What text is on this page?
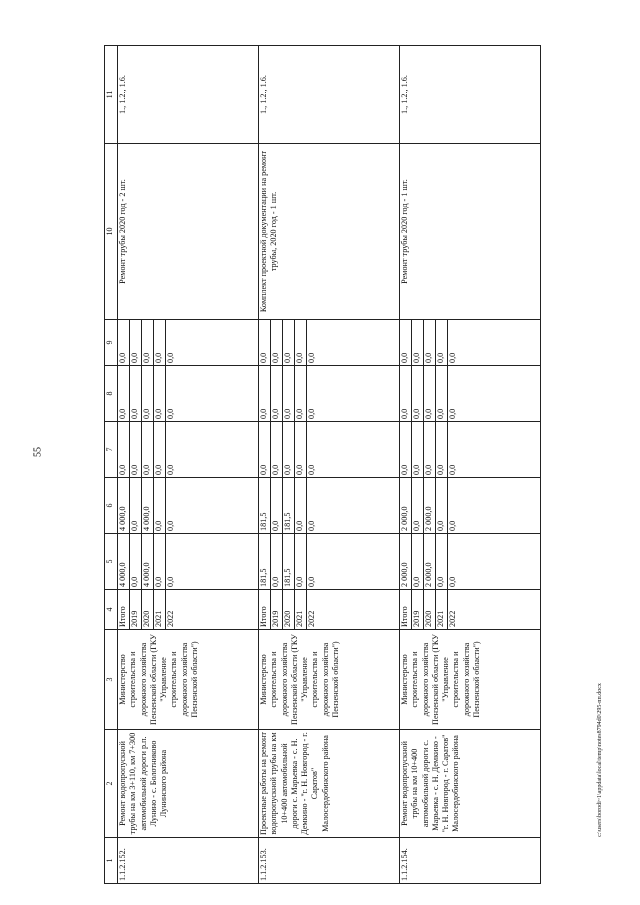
55
c:\users\borodi~1\appdata\local\temp\notes8794d0\295-пп.docx
1	2	3	4	5	6	7	8	9	10	11
1.1.2.152.	Ремонт водопропускной трубы на км 3+110, км 7+300 автомобильной дороги р.п. Лунино - с. Болотниково Лунинского района	Министерство строительства и дорожного хозяйства Пензенской области (ГКУ "Управление строительства и дорожного хозяйства Пензенской области")	Итого	4 000,0	4 000,0	0,0	0,0	0,0	Ремонт трубы 2020 год - 2 шт.	1., 1.2., 1.6.
			2019	0,0	0,0	0,0	0,0	0,0		
			2020	4 000,0	4 000,0	0,0	0,0	0,0		
			2021	0,0	0,0	0,0	0,0	0,0		
			2022	0,0	0,0	0,0	0,0	0,0		
1.1.2.153.	Проектные работы на ремонт водопропускной трубы на км 10+400 автомобильной дороги с. Марьевка - с. Н. Демкино - "г. Н. Новгород - г. Саратов" Малосердобинского района	Министерство строительства и дорожного хозяйства Пензенской области (ГКУ "Управление строительства и дорожного хозяйства Пензенской области")	Итого	181,5	181,5	0,0	0,0	0,0	Комплект проектной документации на ремонт трубы, 2020 год - 1 шт.	1., 1.2., 1.6.
			2019	0,0	0,0	0,0	0,0	0,0		
			2020	181,5	181,5	0,0	0,0	0,0		
			2021	0,0	0,0	0,0	0,0	0,0		
			2022	0,0	0,0	0,0	0,0	0,0		
1.1.2.154.	Ремонт водопропускной трубы на км 10+400 автомобильной дороги с. Марьевка - с. Н. Демкино - "г. Н. Новгород - г. Саратов" Малосердобинского района	Министерство строительства и дорожного хозяйства Пензенской области (ГКУ "Управление строительства и дорожного хозяйства Пензенской области")	Итого	2 000,0	2 000,0	0,0	0,0	0,0	Ремонт трубы 2020 год - 1 шт.	1., 1.2., 1.6.
			2019	0,0	0,0	0,0	0,0	0,0		
			2020	2 000,0	2 000,0	0,0	0,0	0,0		
			2021	0,0	0,0	0,0	0,0	0,0		
			2022	0,0	0,0	0,0	0,0	0,0		
